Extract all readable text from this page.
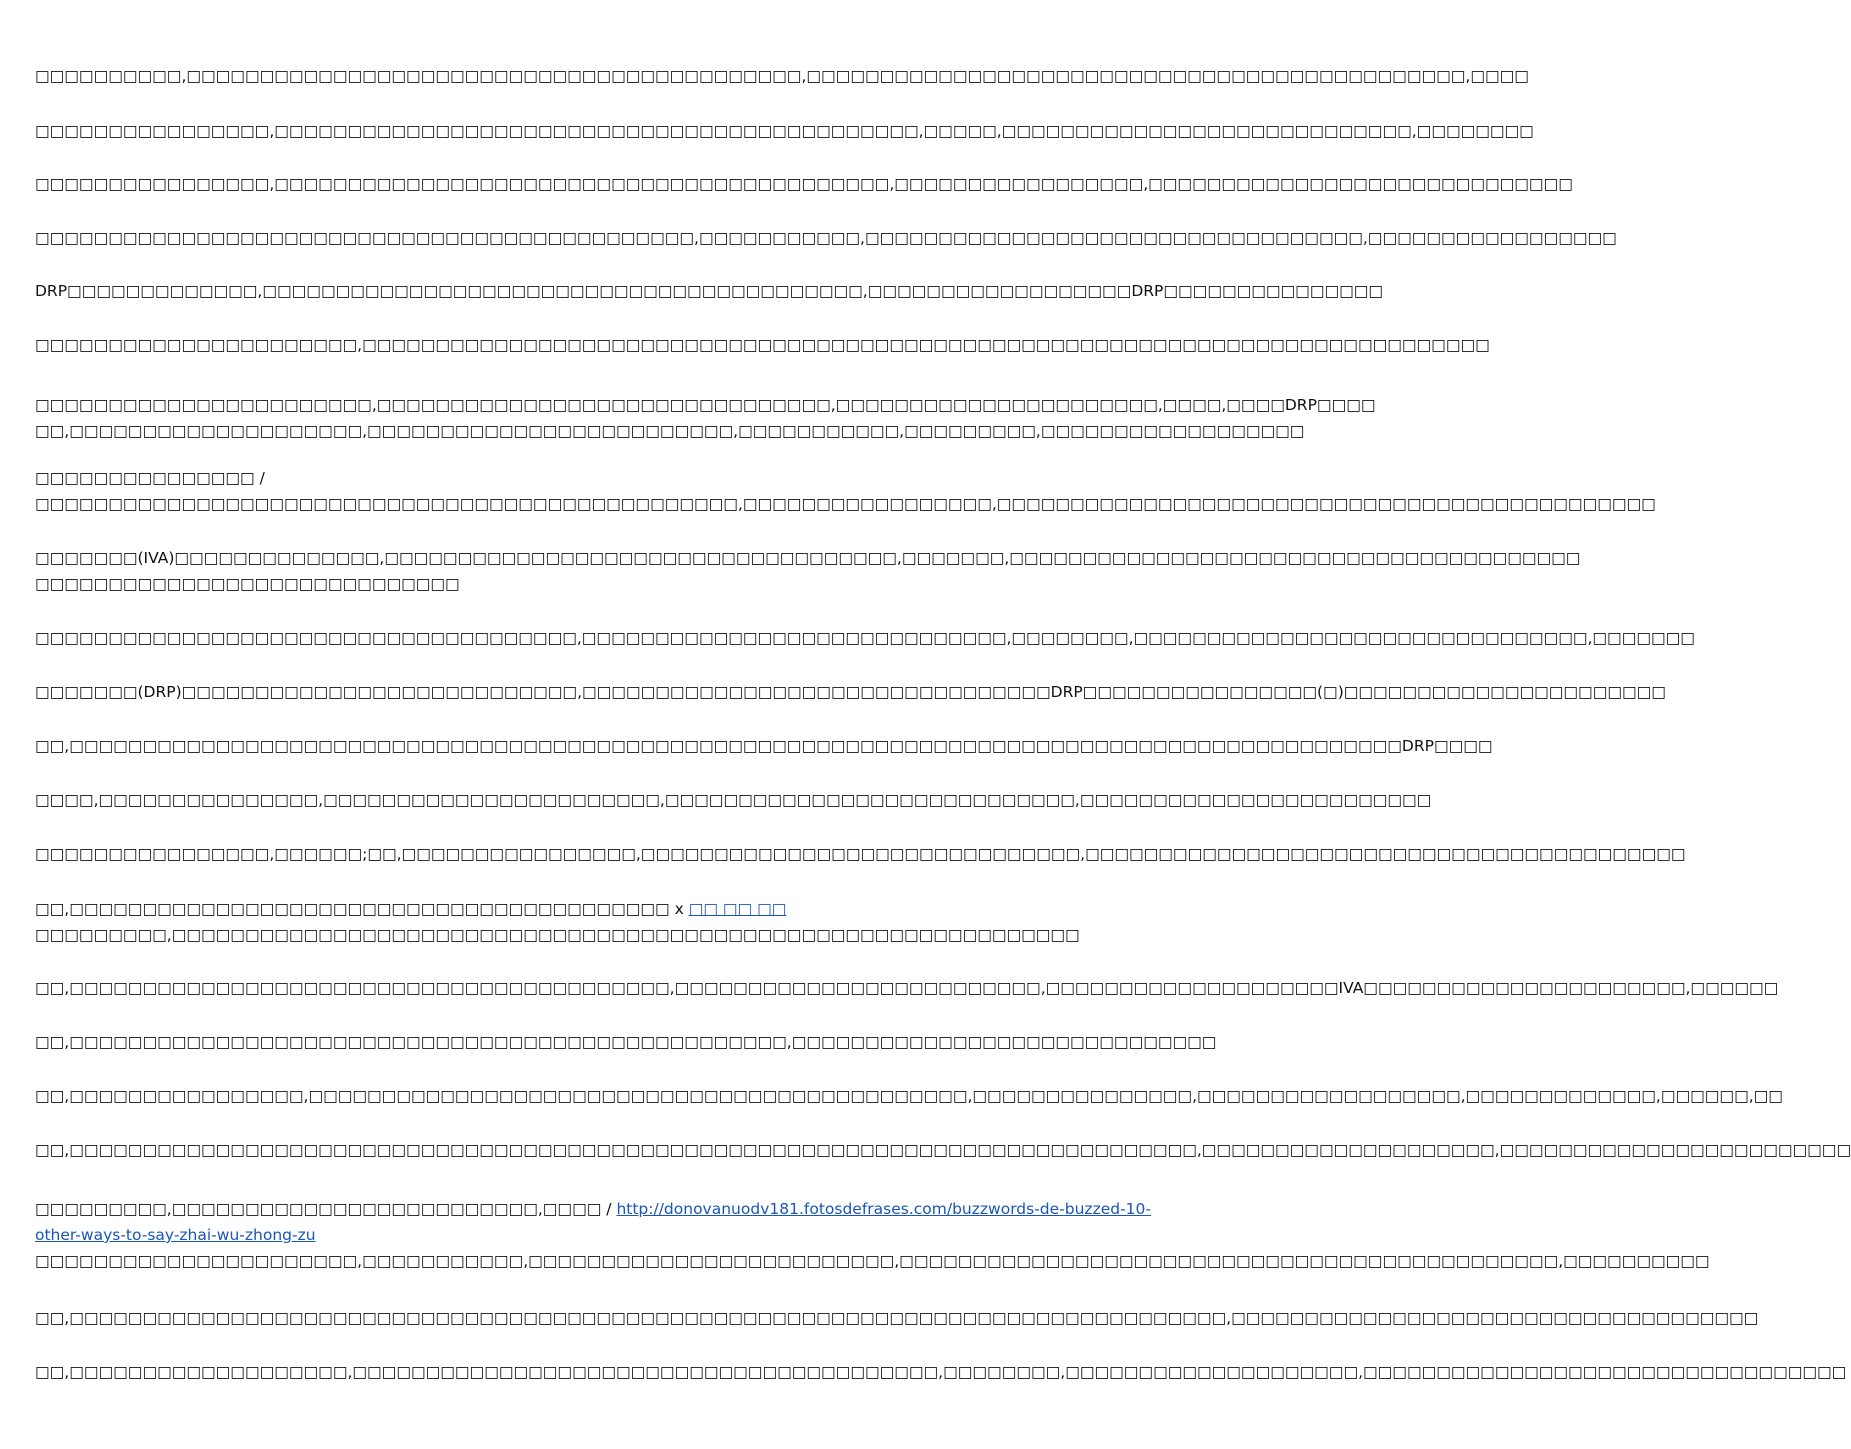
□□□□□□□□□□,□□□□□□□□□□□□□□□□□□□□□□□□□□□□□□□□□□□□□□□□□□,□□□□□□□□□□□□□□□□□□□□□□□□□□□□□□□□□□□□□□□□□□□□□,□□□□
□□□□□□□□□□□□□□□□,□□□□□□□□□□□□□□□□□□□□□□□□□□□□□□□□□□□□□□□□□□□□,□□□□□,□□□□□□□□□□□□□□□□□□□□□□□□□□□□,□□□□□□□□
□□□□□□□□□□□□□□□□,□□□□□□□□□□□□□□□□□□□□□□□□□□□□□□□□□□□□□□□□□□,□□□□□□□□□□□□□□□□□,□□□□□□□□□□□□□□□□□□□□□□□□□□□□□
□□□□□□□□□□□□□□□□□□□□□□□□□□□□□□□□□□□□□□□□□□□□□,□□□□□□□□□□□,□□□□□□□□□□□□□□□□□□□□□□□□□□□□□□□□□□,□□□□□□□□□□□□□□□□□
DRP□□□□□□□□□□□□□,□□□□□□□□□□□□□□□□□□□□□□□□□□□□□□□□□□□□□□□□□,□□□□□□□□□□□□□□□□□□DRP□□□□□□□□□□□□□□□
□□□□□□□□□□□□□□□□□□□□□□,□□□□□□□□□□□□□□□□□□□□□□□□□□□□□□□□□□□□□□□□□□□□□□□□□□□□□□□□□□□□□□□□□□□□□□□□□□□□□
□□□□□□□□□□□□□□□□□□□□□□□,□□□□□□□□□□□□□□□□□□□□□□□□□□□□□□□,□□□□□□□□□□□□□□□□□□□□□□,□□□□,□□□□DRP□□□□
□□,□□□□□□□□□□□□□□□□□□□□,□□□□□□□□□□□□□□□□□□□□□□□□□,□□□□□□□□□□□,□□□□□□□□□,□□□□□□□□□□□□□□□□□□
□□□□□□□□□□□□□□□ /
□□□□□□□□□□□□□□□□□□□□□□□□□□□□□□□□□□□□□□□□□□□□□□□□,□□□□□□□□□□□□□□□□□,□□□□□□□□□□□□□□□□□□□□□□□□□□□□□□□□□□□□□□□□□□□□□
□□□□□□□(IVA)□□□□□□□□□□□□□□,□□□□□□□□□□□□□□□□□□□□□□□□□□□□□□□□□□□,□□□□□□□,□□□□□□□□□□□□□□□□□□□□□□□□□□□□□□□□□□□□□□□
□□□□□□□□□□□□□□□□□□□□□□□□□□□□□
□□□□□□□□□□□□□□□□□□□□□□□□□□□□□□□□□□□□□,□□□□□□□□□□□□□□□□□□□□□□□□□□□□□,□□□□□□□□,□□□□□□□□□□□□□□□□□□□□□□□□□□□□□□□,□□□□□□□
□□□□□□□(DRP)□□□□□□□□□□□□□□□□□□□□□□□□□□□,□□□□□□□□□□□□□□□□□□□□□□□□□□□□□□□□DRP□□□□□□□□□□□□□□□□(□)□□□□□□□□□□□□□□□□□□□□□□
□□,□□□□□□□□□□□□□□□□□□□□□□□□□□□□□□□□□□□□□□□□□□□□□□□□□□□□□□□□□□□□□□□□□□□□□□□□□□□□□□□□□□□□□□□□□□□DRP□□□□
□□□□,□□□□□□□□□□□□□□□,□□□□□□□□□□□□□□□□□□□□□□□,□□□□□□□□□□□□□□□□□□□□□□□□□□□□,□□□□□□□□□□□□□□□□□□□□□□□□
□□□□□□□□□□□□□□□□,□□□□□□;□□,□□□□□□□□□□□□□□□□,□□□□□□□□□□□□□□□□□□□□□□□□□□□□□□,□□□□□□□□□□□□□□□□□□□□□□□□□□□□□□□□□□□□□□□□□
□□,□□□□□□□□□□□□□□□□□□□□□□□□□□□□□□□□□□□□□□□□□ x □□ □□ □□
□□□□□□□□□,□□□□□□□□□□□□□□□□□□□□□□□□□□□□□□□□□□□□□□□□□□□□□□□□□□□□□□□□□□□□□□
□□,□□□□□□□□□□□□□□□□□□□□□□□□□□□□□□□□□□□□□□□□□,□□□□□□□□□□□□□□□□□□□□□□□□□,□□□□□□□□□□□□□□□□□□□□IVA□□□□□□□□□□□□□□□□□□□□□□,□□□□□□
□□,□□□□□□□□□□□□□□□□□□□□□□□□□□□□□□□□□□□□□□□□□□□□□□□□□,□□□□□□□□□□□□□□□□□□□□□□□□□□□□□
□□,□□□□□□□□□□□□□□□□,□□□□□□□□□□□□□□□□□□□□□□□□□□□□□□□□□□□□□□□□□□□□□,□□□□□□□□□□□□□□□,□□□□□□□□□□□□□□□□□□,□□□□□□□□□□□□□,□□□□□□,□□
□□,□□□□□□□□□□□□□□□□□□□□□□□□□□□□□□□□□□□□□□□□□□□□□□□□□□□□□□□□□□□□□□□□□□□□□□□□□□□□□,□□□□□□□□□□□□□□□□□□□□,□□□□□□□□□□□□□□□□□□□□□□□□
□□□□□□□□□,□□□□□□□□□□□□□□□□□□□□□□□□□,□□□□ / http://donovanuodv181.fotosdefrases.com/buzzwords-de-buzzed-10-
other-ways-to-say-zhai-wu-zhong-zu
□□□□□□□□□□□□□□□□□□□□□□,□□□□□□□□□□□,□□□□□□□□□□□□□□□□□□□□□□□□□,□□□□□□□□□□□□□□□□□□□□□□□□□□□□□□□□□□□□□□□□□□□□□,□□□□□□□□□□
□□,□□□□□□□□□□□□□□□□□□□□□□□□□□□□□□□□□□□□□□□□□□□□□□□□□□□□□□□□□□□□□□□□□□□□□□□□□□□□□□□,□□□□□□□□□□□□□□□□□□□□□□□□□□□□□□□□□□□□
□□,□□□□□□□□□□□□□□□□□□□,□□□□□□□□□□□□□□□□□□□□□□□□□□□□□□□□□□□□□□□□,□□□□□□□□,□□□□□□□□□□□□□□□□□□□□,□□□□□□□□□□□□□□□□□□□□□□□□□□□□□□□□□
